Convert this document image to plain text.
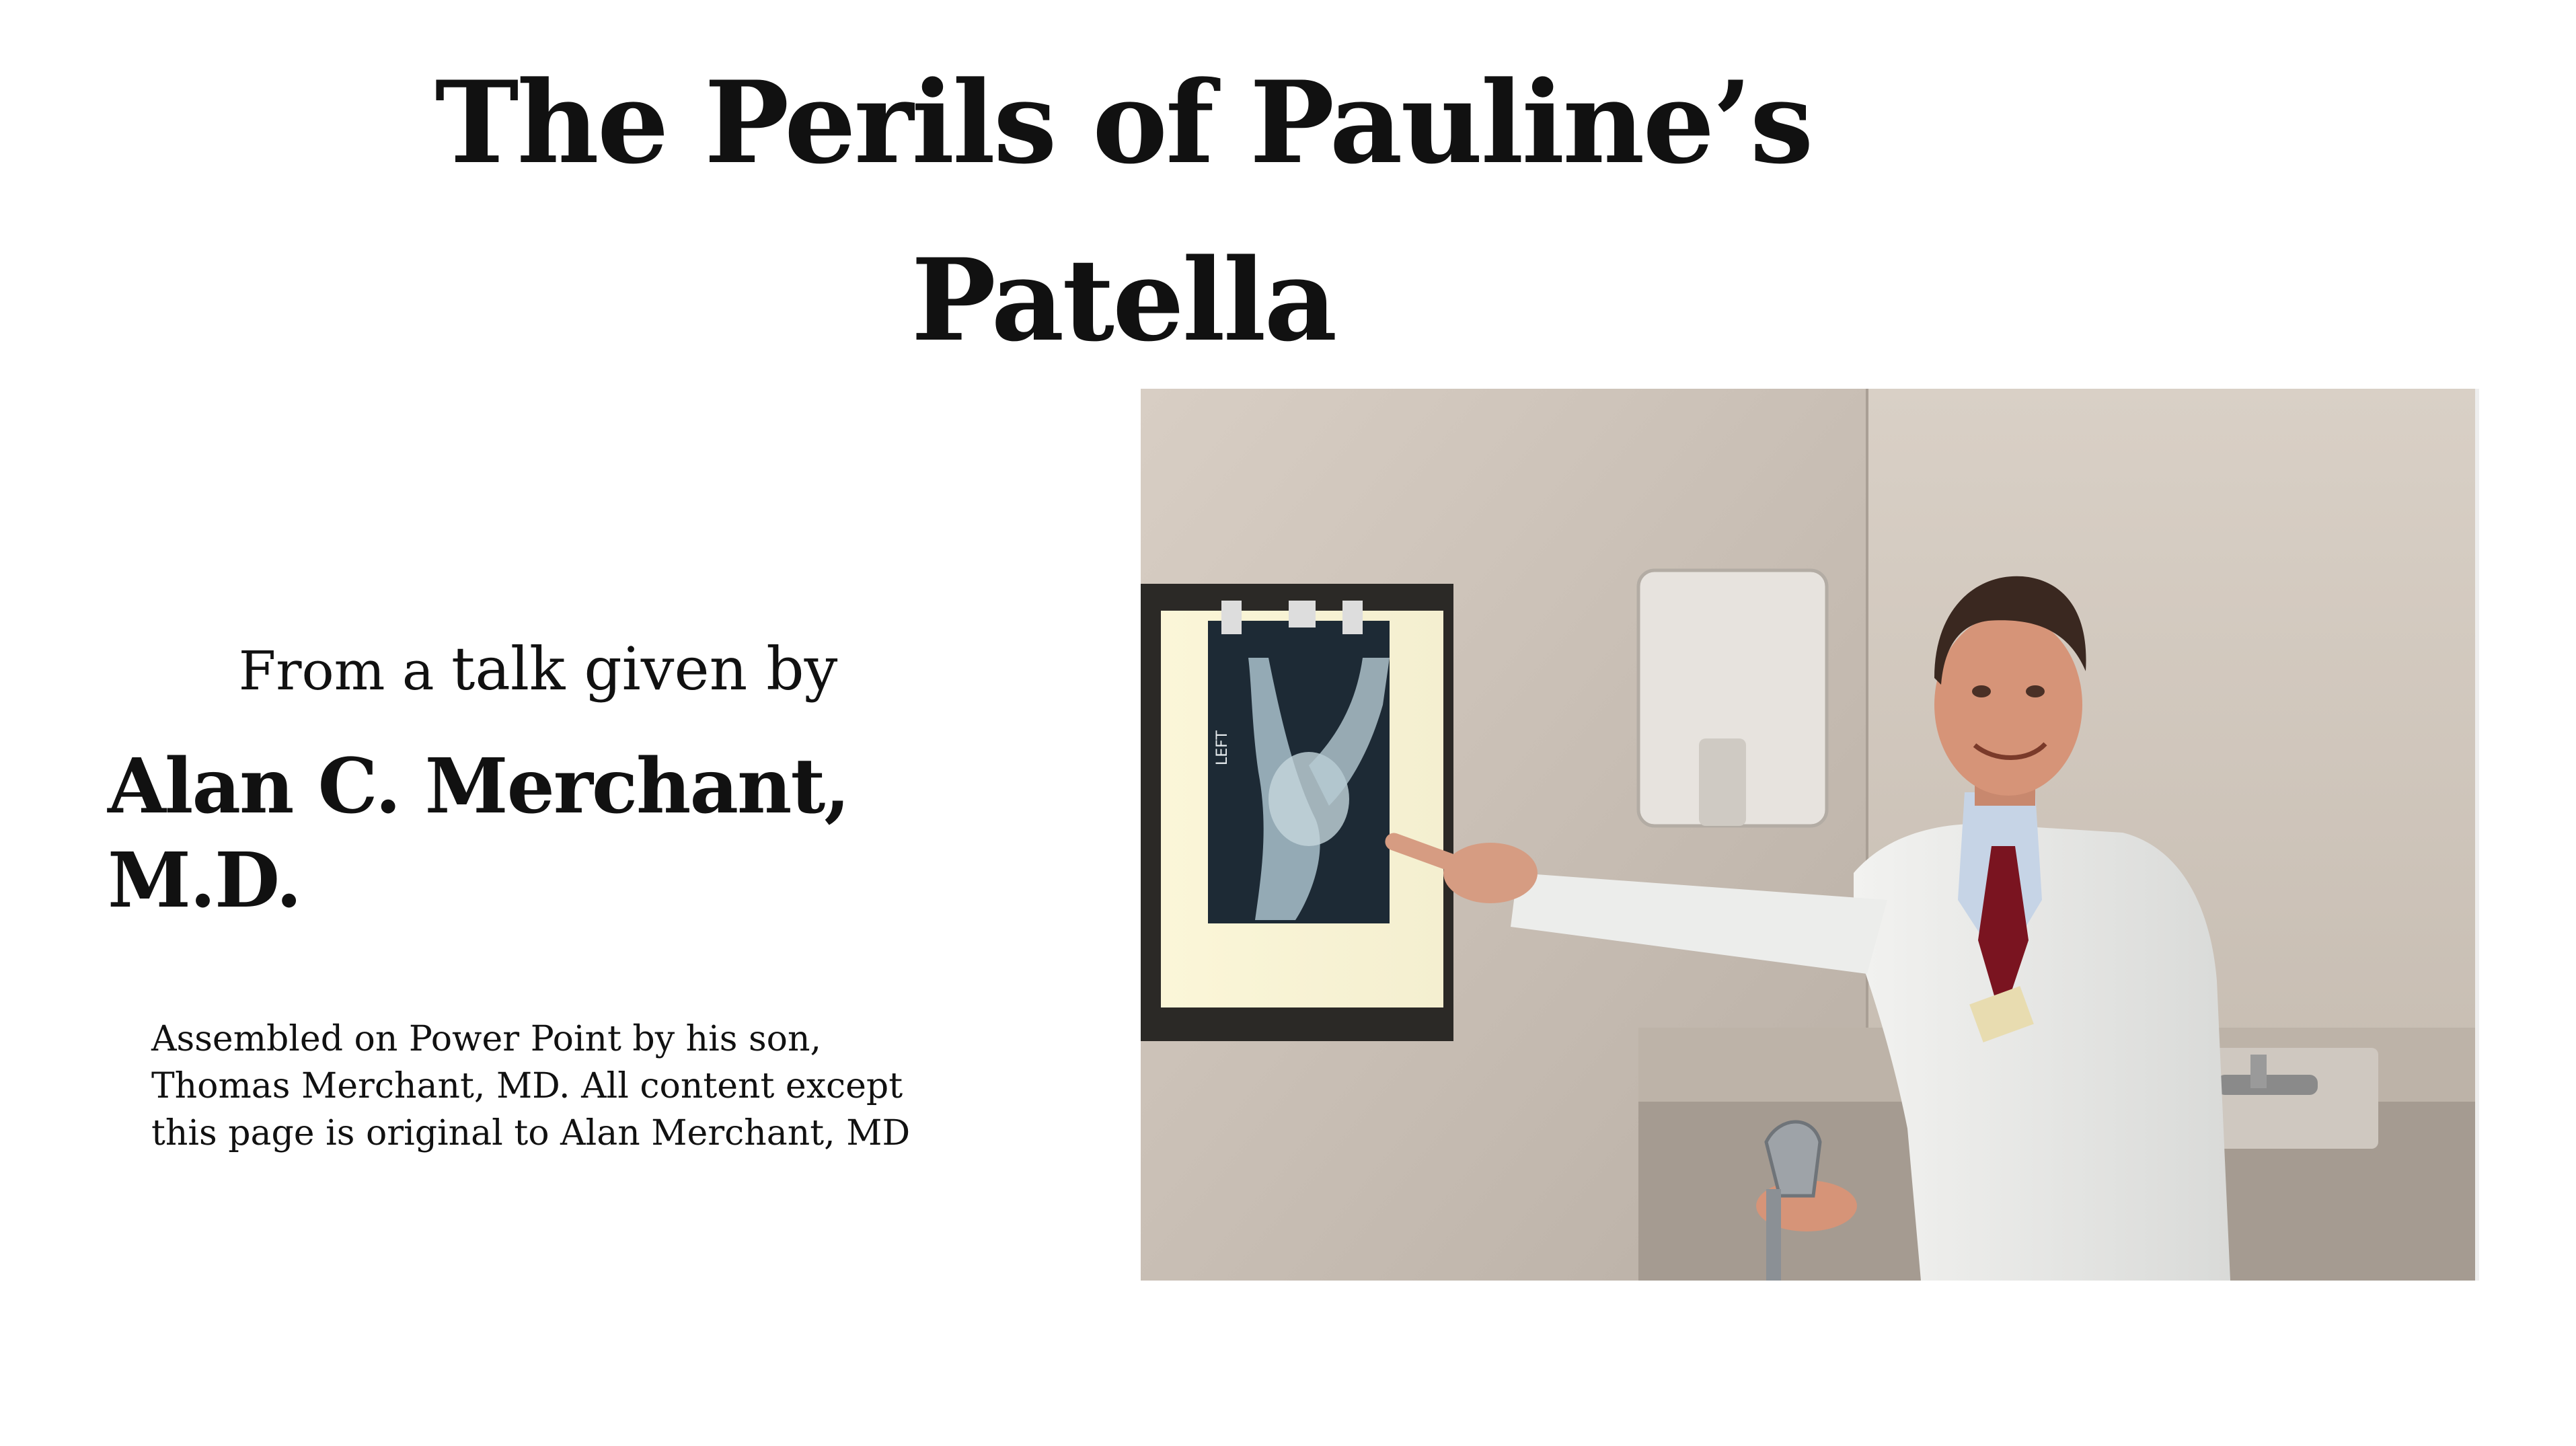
The Perils of Pauline’s
Patella

From a talk given by

Alan C. Merchant, M.D.

Assembled on Power Point by his son,
Thomas Merchant, MD. All content except
this page is original to Alan Merchant, MD

LEFT
